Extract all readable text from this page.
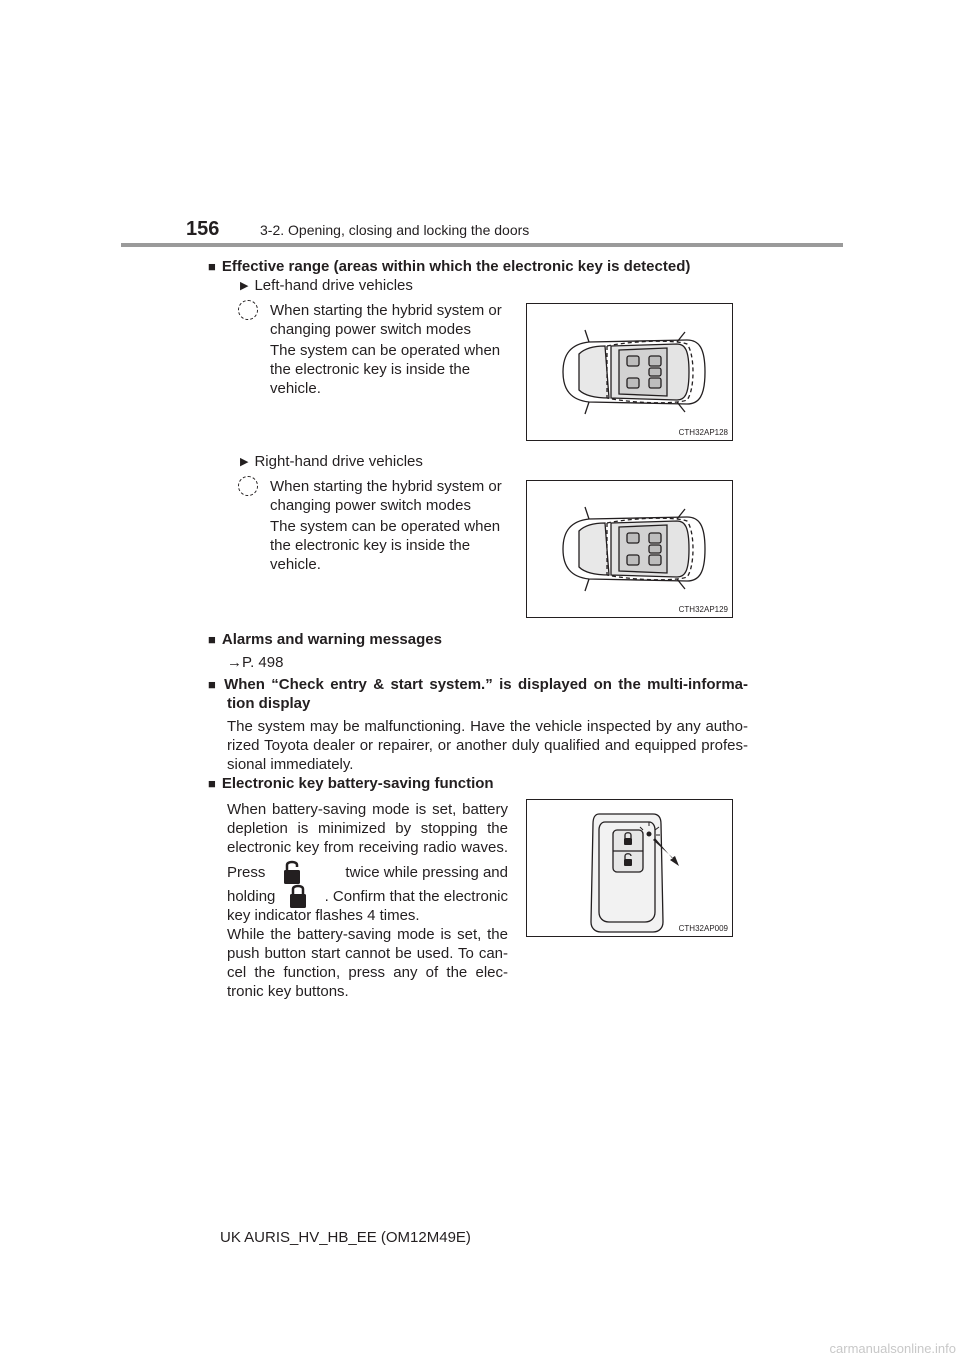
156	3-2. Opening, closing and locking the doors
■ Effective range (areas within which the electronic key is detected)
▶ Left-hand drive vehicles
When starting the hybrid system or
changing power switch modes
The system can be operated when
the electronic key is inside the
vehicle.
CTH32AP128
▶ Right-hand drive vehicles
When starting the hybrid system or
changing power switch modes
The system can be operated when
the electronic key is inside the
vehicle.
CTH32AP129
■ Alarms and warning messages
→P. 498
■ When “Check entry & start system.” is displayed on the multi-informa-
tion display
The system may be malfunctioning. Have the vehicle inspected by any autho-
rized Toyota dealer or repairer, or another duly qualified and equipped profes-
sional immediately.
■ Electronic key battery-saving function
When battery-saving mode is set, battery
depletion is minimized by stopping the
electronic key from receiving radio waves.
Press	twice while pressing and
holding	. Confirm that the electronic
key indicator flashes 4 times.
While the battery-saving mode is set, the
push button start cannot be used. To can-
cel the function, press any of the elec-
tronic key buttons.
CTH32AP009
UK AURIS_HV_HB_EE (OM12M49E)
carmanualsonline.info
